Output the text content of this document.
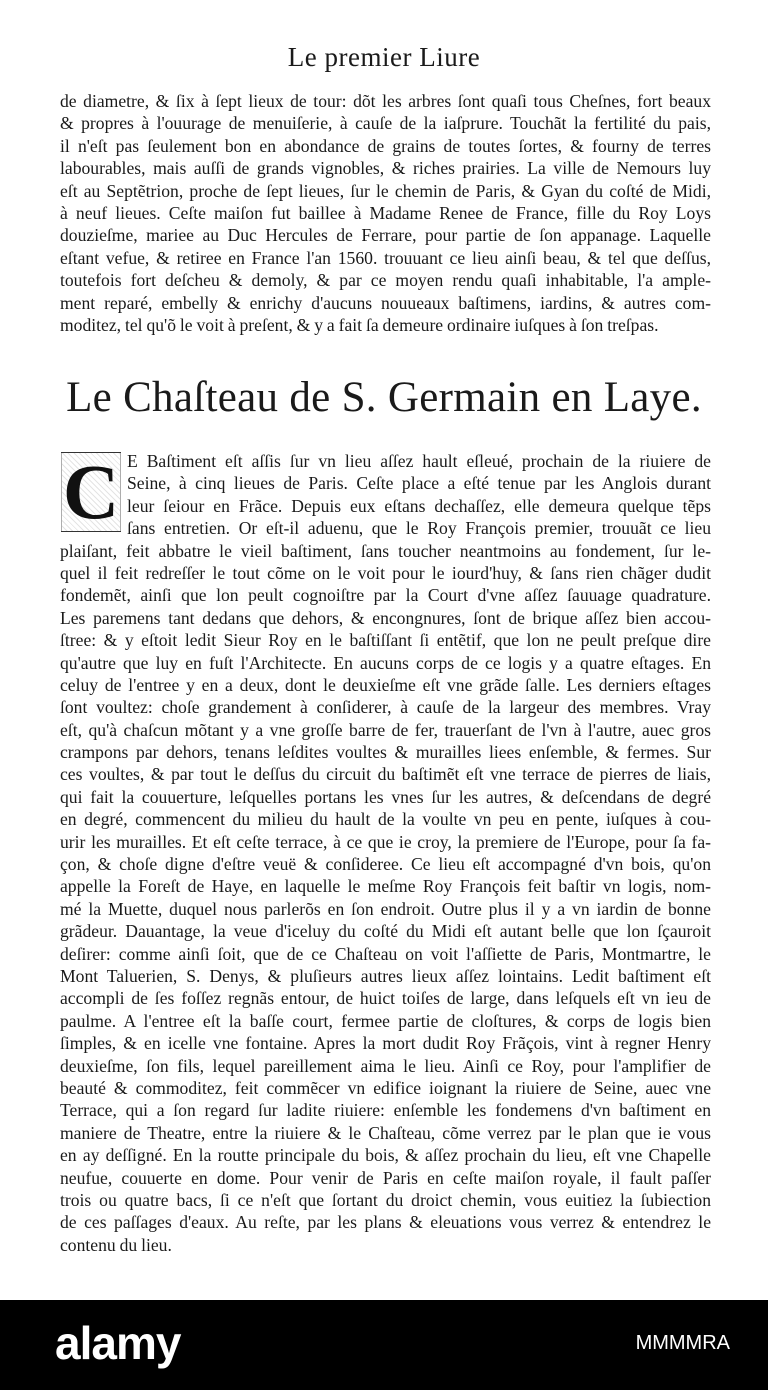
Le premier Liure
de diametre, & ſix à ſept lieux de tour: dõt les arbres ſont quaſi tous Cheſnes, fort beaux
& propres à l'ouurage de menuiſerie, à cauſe de la iaſprure. Touchãt la fertilité du pais,
il n'eſt pas ſeulement bon en abondance de grains de toutes ſortes, & fourny de terres
labourables, mais auſſi de grands vignobles, & riches prairies. La ville de Nemours luy
eſt au Septẽtrion, proche de ſept lieues, ſur le chemin de Paris, & Gyan du coſté de Midi,
à neuf lieues. Ceſte maiſon fut baillee à Madame Renee de France, fille du Roy Loys
douzieſme, mariee au Duc Hercules de Ferrare, pour partie de ſon appanage. Laquelle
eſtant vefue, & retiree en France l'an 1560. trouuant ce lieu ainſi beau, & tel que deſſus,
toutefois fort deſcheu & demoly, & par ce moyen rendu quaſi inhabitable, l'a ample-
ment reparé, embelly & enrichy d'aucuns nouueaux baſtimens, iardins, & autres com-
moditez, tel qu'õ le voit à preſent, & y a fait ſa demeure ordinaire iuſques à ſon treſpas.
Le Chaſteau de S. Germain en Laye.
C E Baſtiment eſt aſſis ſur vn lieu aſſez hault eſleué, prochain de la riuiere de
Seine, à cinq lieues de Paris. Ceſte place a eſté tenue par les Anglois durant
leur ſeiour en Frãce. Depuis eux eſtans dechaſſez, elle demeura quelque tẽps
ſans entretien. Or eſt-il aduenu, que le Roy François premier, trouuãt ce lieu
plaiſant, feit abbatre le vieil baſtiment, ſans toucher neantmoins au fondement, ſur le-
quel il feit redreſſer le tout cõme on le voit pour le iourd'huy, & ſans rien chãger dudit
fondemẽt, ainſi que lon peult cognoiſtre par la Court d'vne aſſez ſauuage quadrature.
Les paremens tant dedans que dehors, & encongnures, ſont de brique aſſez bien accou-
ſtree: & y eſtoit ledit Sieur Roy en le baſtiſſant ſi entẽtif, que lon ne peult preſque dire
qu'autre que luy en fuſt l'Architecte. En aucuns corps de ce logis y a quatre eſtages. En
celuy de l'entree y en a deux, dont le deuxieſme eſt vne grãde ſalle. Les derniers eſtages
ſont voultez: choſe grandement à conſiderer, à cauſe de la largeur des membres. Vray
eſt, qu'à chaſcun mõtant y a vne groſſe barre de fer, trauerſant de l'vn à l'autre, auec gros
crampons par dehors, tenans leſdites voultes & murailles liees enſemble, & fermes. Sur
ces voultes, & par tout le deſſus du circuit du baſtimẽt eſt vne terrace de pierres de liais,
qui fait la couuerture, leſquelles portans les vnes ſur les autres, & deſcendans de degré
en degré, commencent du milieu du hault de la voulte vn peu en pente, iuſques à cou-
urir les murailles. Et eſt ceſte terrace, à ce que ie croy, la premiere de l'Europe, pour ſa fa-
çon, & choſe digne d'eſtre veuë & conſideree. Ce lieu eſt accompagné d'vn bois, qu'on
appelle la Foreſt de Haye, en laquelle le meſme Roy François feit baſtir vn logis, nom-
mé la Muette, duquel nous parlerõs en ſon endroit. Outre plus il y a vn iardin de bonne
grãdeur. Dauantage, la veue d'iceluy du coſté du Midi eſt autant belle que lon ſçauroit
deſirer: comme ainſi ſoit, que de ce Chaſteau on voit l'aſſiette de Paris, Montmartre, le
Mont Taluerien, S. Denys, & pluſieurs autres lieux aſſez lointains. Ledit baſtiment eſt
accompli de ſes foſſez regnãs entour, de huict toiſes de large, dans leſquels eſt vn ieu de
paulme. A l'entree eſt la baſſe court, fermee partie de cloſtures, & corps de logis bien
ſimples, & en icelle vne fontaine. Apres la mort dudit Roy Frãçois, vint à regner Henry
deuxieſme, ſon fils, lequel pareillement aima le lieu. Ainſi ce Roy, pour l'amplifier de
beauté & commoditez, feit commẽcer vn edifice ioignant la riuiere de Seine, auec vne
Terrace, qui a ſon regard ſur ladite riuiere: enſemble les fondemens d'vn baſtiment en
maniere de Theatre, entre la riuiere & le Chaſteau, cõme verrez par le plan que ie vous
en ay deſſigné. En la routte principale du bois, & aſſez prochain du lieu, eſt vne Chapelle
neufue, couuerte en dome. Pour venir de Paris en ceſte maiſon royale, il fault paſſer
trois ou quatre bacs, ſi ce n'eſt que ſortant du droict chemin, vous euitiez la ſubiection
de ces paſſages d'eaux. Au reſte, par les plans & eleuations vous verrez & entendrez le
contenu du lieu.
alamy	MMMMRA
